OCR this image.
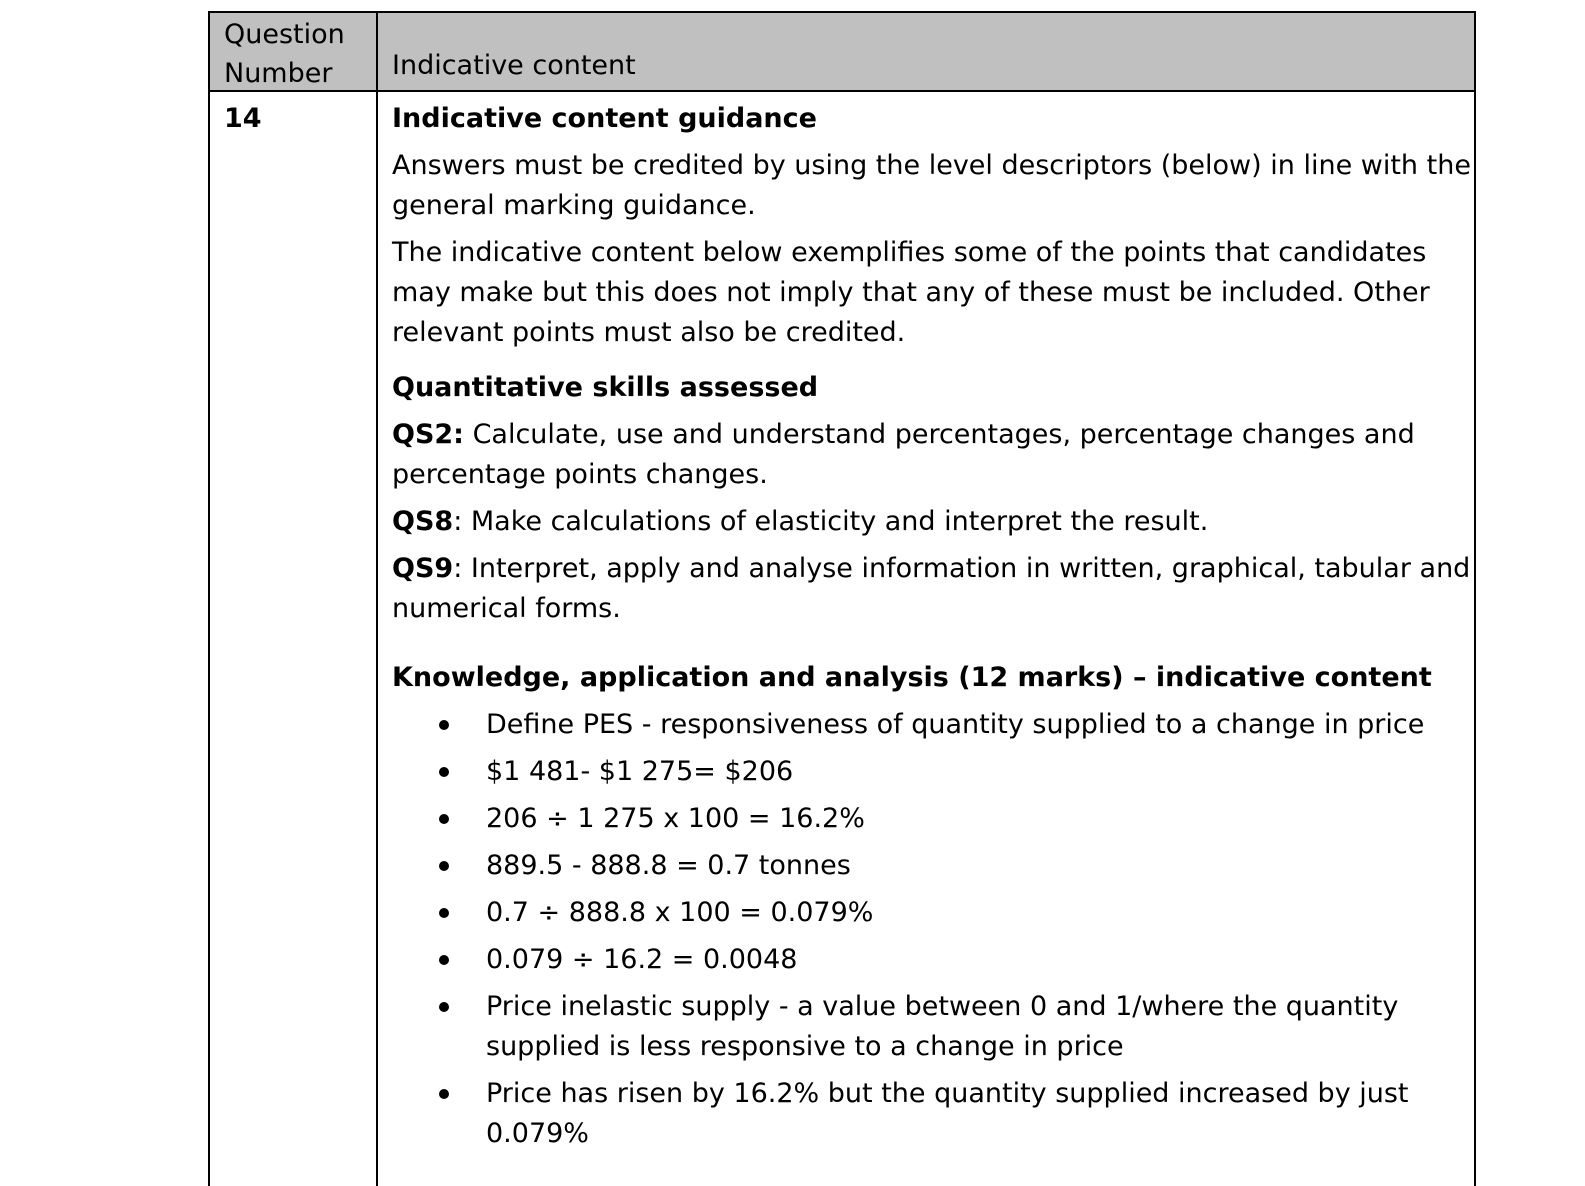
Question Number	Indicative content
14	Indicative content guidance

Answers must be credited by using the level descriptors (below) in line with the general marking guidance.

The indicative content below exemplifies some of the points that candidates may make but this does not imply that any of these must be included. Other relevant points must also be credited.

Quantitative skills assessed

QS2: Calculate, use and understand percentages, percentage changes and percentage points changes.

QS8: Make calculations of elasticity and interpret the result.

QS9: Interpret, apply and analyse information in written, graphical, tabular and numerical forms.

Knowledge, application and analysis (12 marks) – indicative content

Define PES - responsiveness of quantity supplied to a change in price
$1 481- $1 275= $206
206 ÷ 1 275 x 100 = 16.2%
889.5 - 888.8 = 0.7 tonnes
0.7 ÷ 888.8 x 100 = 0.079%
0.079 ÷ 16.2 = 0.0048
Price inelastic supply - a value between 0 and 1/where the quantity supplied is less responsive to a change in price
Price has risen by 16.2% but the quantity supplied increased by just 0.079%
